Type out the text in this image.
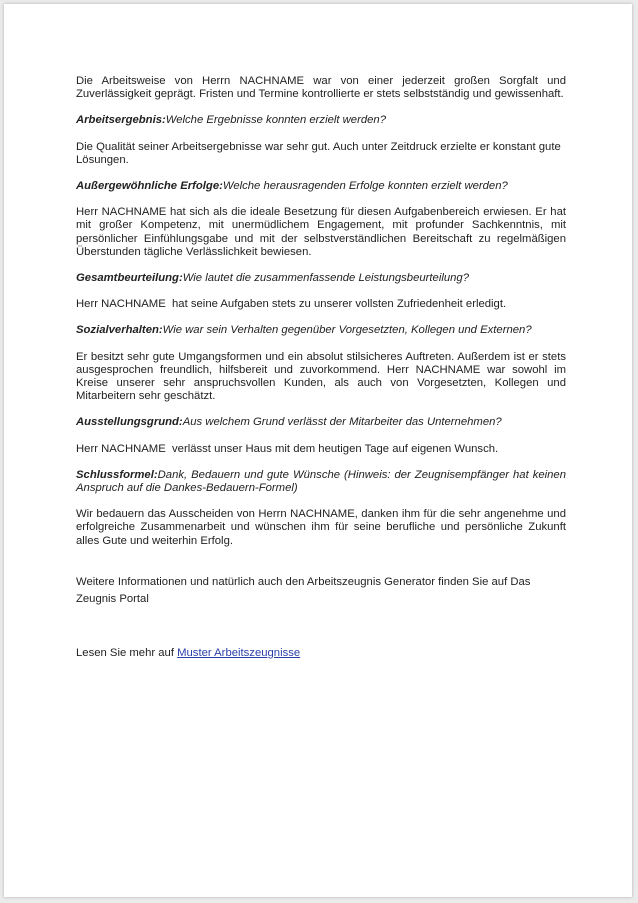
Die Arbeitsweise von Herrn NACHNAME war von einer jederzeit großen Sorgfalt und Zuverlässigkeit geprägt. Fristen und Termine kontrollierte er stets selbstständig und gewissenhaft.

Arbeitsergebnis:Welche Ergebnisse konnten erzielt werden?

Die Qualität seiner Arbeitsergebnisse war sehr gut. Auch unter Zeitdruck erzielte er konstant gute Lösungen.

Außergewöhnliche Erfolge:Welche herausragenden Erfolge konnten erzielt werden?

Herr NACHNAME hat sich als die ideale Besetzung für diesen Aufgabenbereich erwiesen. Er hat mit großer Kompetenz, mit unermüdlichem Engagement, mit profunder Sachkenntnis, mit persönlicher Einfühlungsgabe und mit der selbstverständlichen Bereitschaft zu regelmäßigen Überstunden tägliche Verlässlichkeit bewiesen.

Gesamtbeurteilung:Wie lautet die zusammenfassende Leistungsbeurteilung?

Herr NACHNAME  hat seine Aufgaben stets zu unserer vollsten Zufriedenheit erledigt.

Sozialverhalten:Wie war sein Verhalten gegenüber Vorgesetzten, Kollegen und Externen?

Er besitzt sehr gute Umgangsformen und ein absolut stilsicheres Auftreten. Außerdem ist er stets ausgesprochen freundlich, hilfsbereit und zuvorkommend. Herr NACHNAME war sowohl im Kreise unserer sehr anspruchsvollen Kunden, als auch von Vorgesetzten, Kollegen und Mitarbeitern sehr geschätzt.

Ausstellungsgrund:Aus welchem Grund verlässt der Mitarbeiter das Unternehmen?

Herr NACHNAME  verlässt unser Haus mit dem heutigen Tage auf eigenen Wunsch.

Schlussformel:Dank, Bedauern und gute Wünsche (Hinweis: der Zeugnisempfänger hat keinen Anspruch auf die Dankes-Bedauern-Formel)

Wir bedauern das Ausscheiden von Herrn NACHNAME, danken ihm für die sehr angenehme und erfolgreiche Zusammenarbeit und wünschen ihm für seine berufliche und persönliche Zukunft alles Gute und weiterhin Erfolg.

Weitere Informationen und natürlich auch den Arbeitszeugnis Generator finden Sie auf Das Zeugnis Portal

Lesen Sie mehr auf Muster Arbeitszeugnisse
